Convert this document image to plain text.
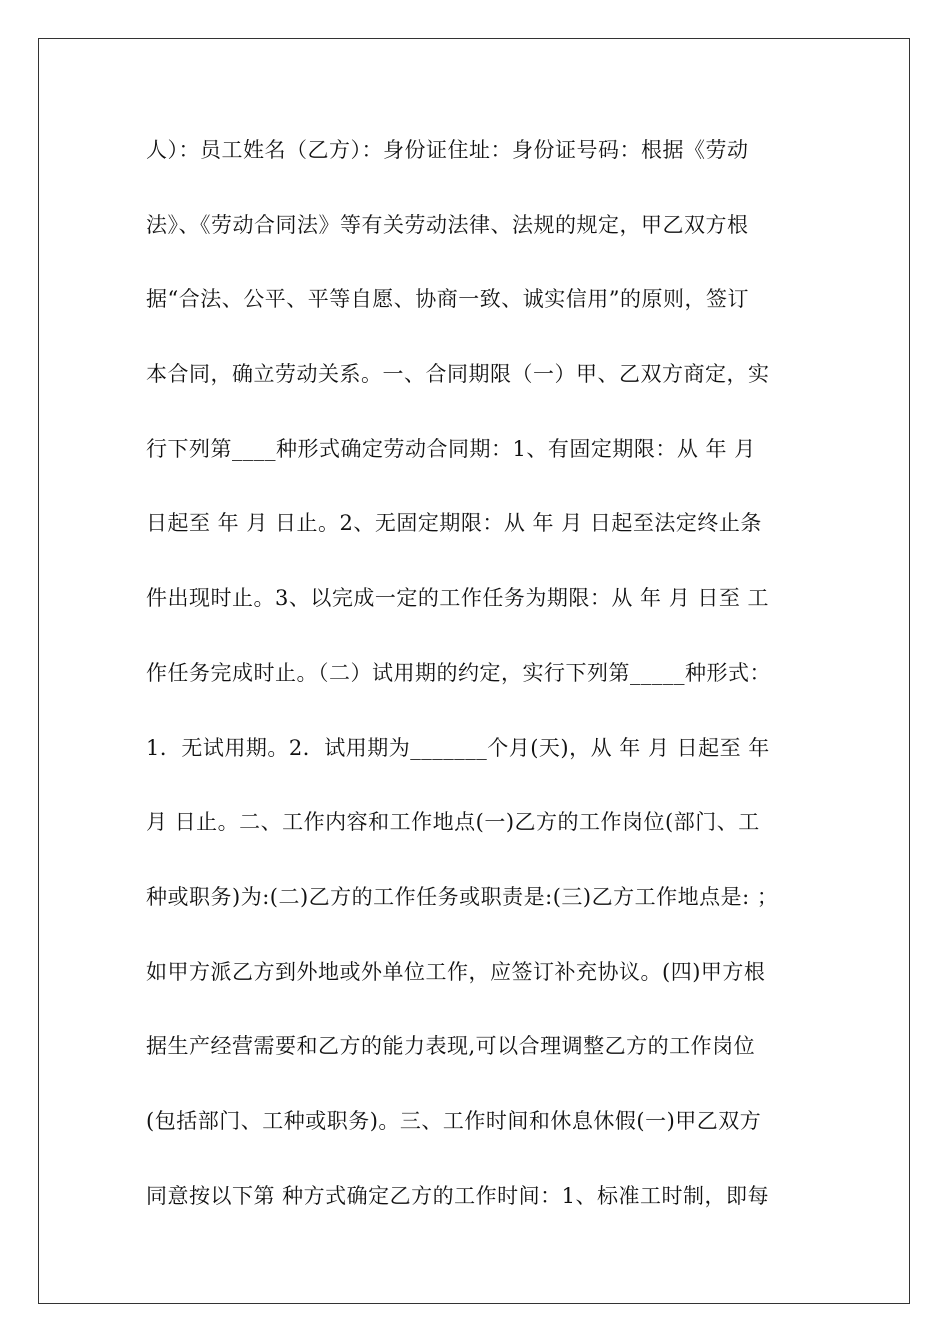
人）：员工姓名（乙方）：身份证住址：身份证号码：根据《劳动
法》、《劳动合同法》等有关劳动法律、法规的规定，甲乙双方根
据“合法、公平、平等自愿、协商一致、诚实信用”的原则，签订
本合同，确立劳动关系。一、合同期限（一）甲、乙双方商定，实
行下列第____种形式确定劳动合同期：1、有固定期限：从 年 月
日起至 年 月 日止。2、无固定期限：从 年 月 日起至法定终止条
件出现时止。3、以完成一定的工作任务为期限：从 年 月 日至 工
作任务完成时止。（二）试用期的约定，实行下列第_____种形式：
1．无试用期。2．试用期为_______个月(天)，从 年 月 日起至 年
月 日止。二、工作内容和工作地点(一)乙方的工作岗位(部门、工
种或职务)为:(二)乙方的工作任务或职责是:(三)乙方工作地点是: ；
如甲方派乙方到外地或外单位工作，应签订补充协议。(四)甲方根
据生产经营需要和乙方的能力表现,可以合理调整乙方的工作岗位
(包括部门、工种或职务)。三、工作时间和休息休假(一)甲乙双方
同意按以下第 种方式确定乙方的工作时间：1、标准工时制，即每
